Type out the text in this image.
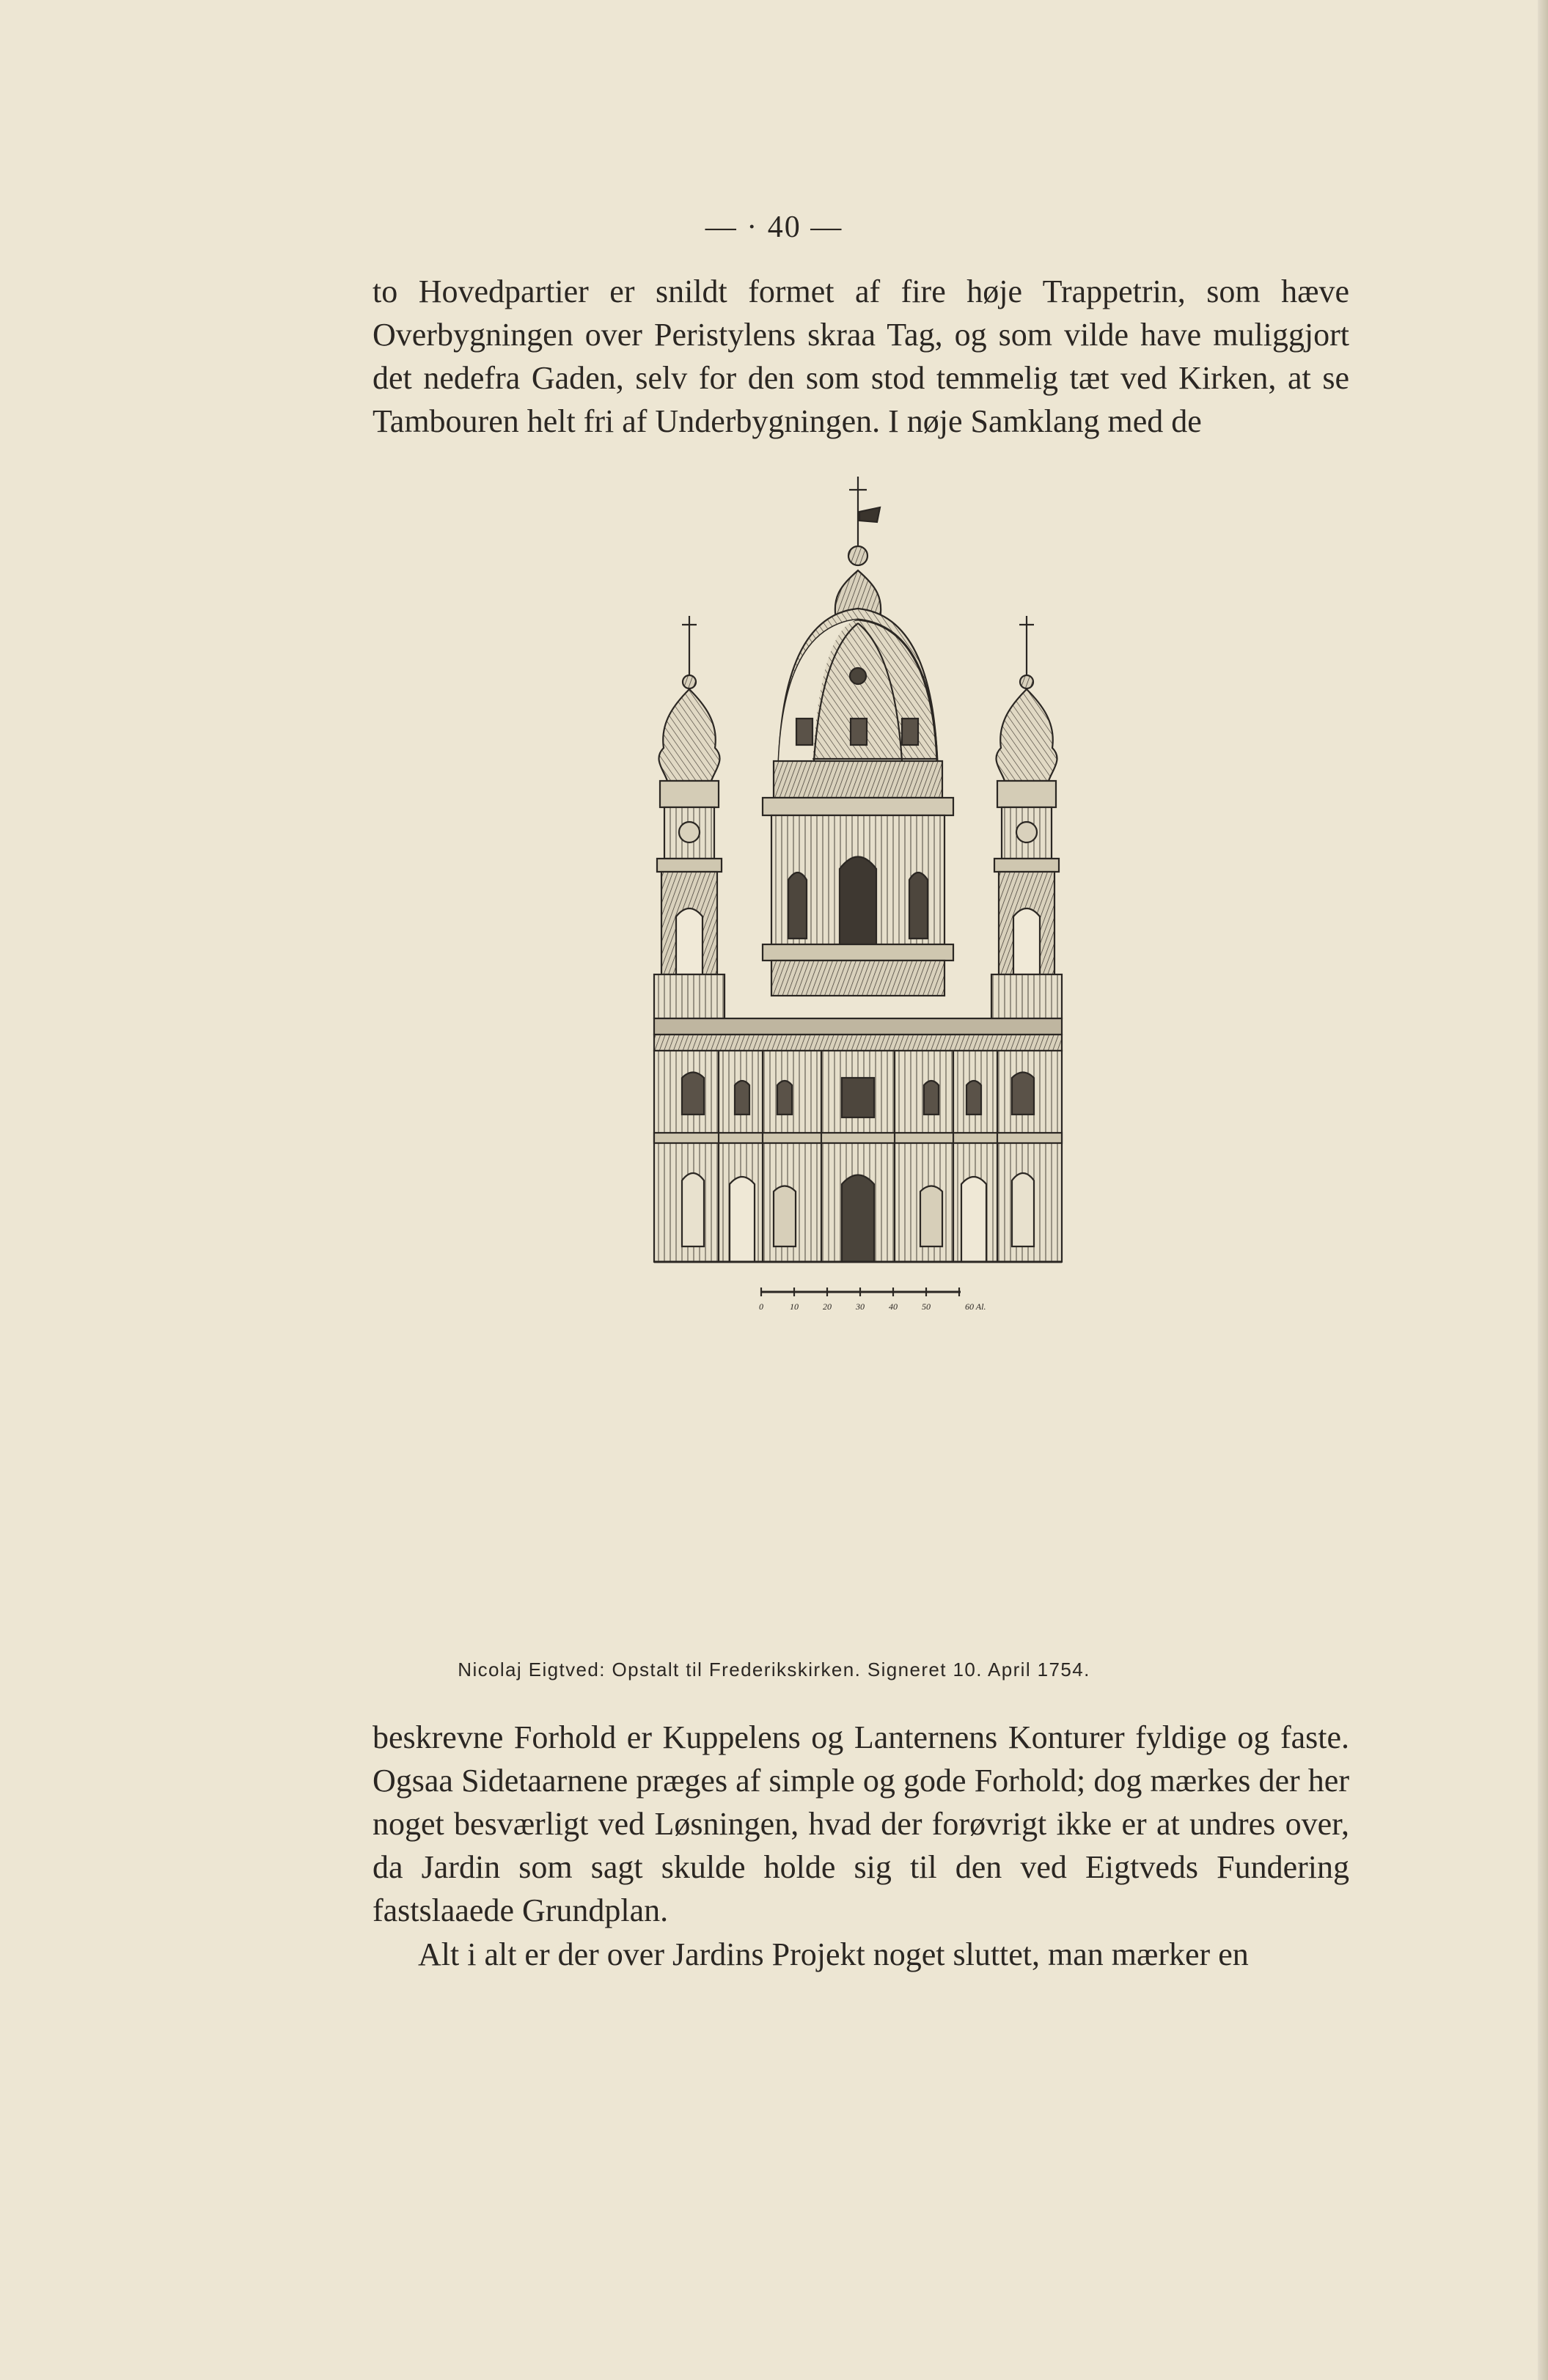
— · 40 —

to Hovedpartier er snildt formet af fire høje Trappetrin, som hæve Overbygningen over Peristylens skraa Tag, og som vilde have muliggjort det nedefra Gaden, selv for den som stod temmelig tæt ved Kirken, at se Tambouren helt fri af Underbygningen. I nøje Samklang med de

0	10	20	30	40	50	60 Al.
Nicolaj Eigtved: Opstalt til Frederikskirken. Signeret 10. April 1754.

beskrevne Forhold er Kuppelens og Lanternens Konturer fyldige og faste. Ogsaa Sidetaarnene præges af simple og gode Forhold; dog mærkes der her noget besværligt ved Løsningen, hvad der forøvrigt ikke er at undres over, da Jardin som sagt skulde holde sig til den ved Eigtveds Fundering fastslaaede Grundplan.

Alt i alt er der over Jardins Projekt noget sluttet, man mærker en
